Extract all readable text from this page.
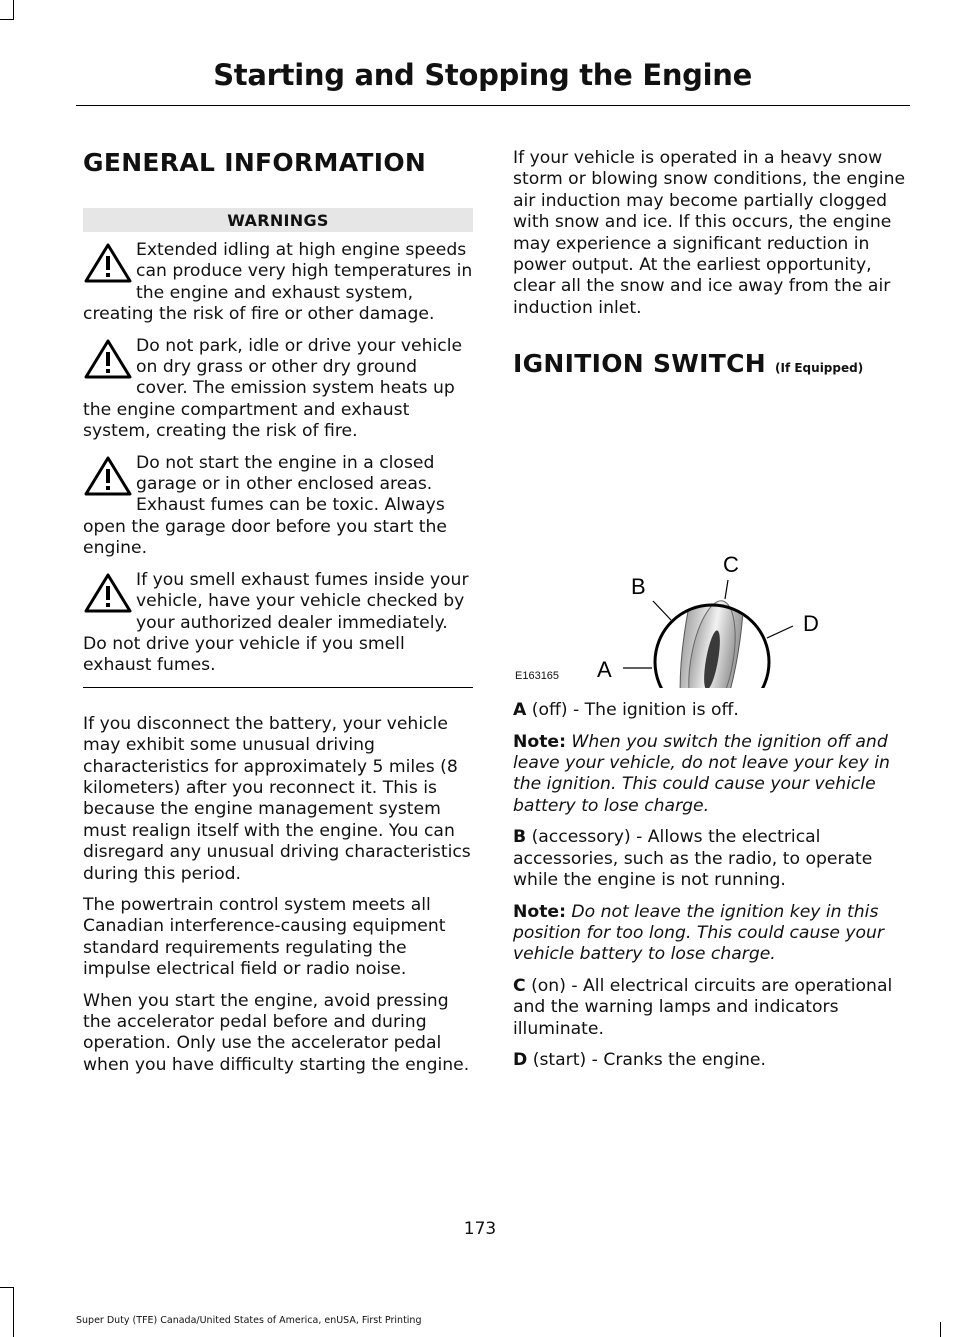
Starting and Stopping the Engine
GENERAL INFORMATION
WARNINGS
Extended idling at high engine speeds can produce very high temperatures in the engine and exhaust system, creating the risk of fire or other damage.
Do not park, idle or drive your vehicle on dry grass or other dry ground cover. The emission system heats up the engine compartment and exhaust system, creating the risk of fire.
Do not start the engine in a closed garage or in other enclosed areas. Exhaust fumes can be toxic. Always open the garage door before you start the engine.
If you smell exhaust fumes inside your vehicle, have your vehicle checked by your authorized dealer immediately. Do not drive your vehicle if you smell exhaust fumes.

If you disconnect the battery, your vehicle may exhibit some unusual driving characteristics for approximately 5 miles (8 kilometers) after you reconnect it. This is because the engine management system must realign itself with the engine. You can disregard any unusual driving characteristics during this period.

The powertrain control system meets all Canadian interference-causing equipment standard requirements regulating the impulse electrical field or radio noise.

When you start the engine, avoid pressing the accelerator pedal before and during operation. Only use the accelerator pedal when you have difficulty starting the engine.

If your vehicle is operated in a heavy snow storm or blowing snow conditions, the engine air induction may become partially clogged with snow and ice. If this occurs, the engine may experience a significant reduction in power output. At the earliest opportunity, clear all the snow and ice away from the air induction inlet.

IGNITION SWITCH (If Equipped)
A
B
C
D
E163165

A (off) - The ignition is off.

Note: When you switch the ignition off and leave your vehicle, do not leave your key in the ignition. This could cause your vehicle battery to lose charge.

B (accessory) - Allows the electrical accessories, such as the radio, to operate while the engine is not running.

Note: Do not leave the ignition key in this position for too long. This could cause your vehicle battery to lose charge.

C (on) - All electrical circuits are operational and the warning lamps and indicators illuminate.

D (start) - Cranks the engine.

173
Super Duty (TFE) Canada/United States of America, enUSA, First Printing
